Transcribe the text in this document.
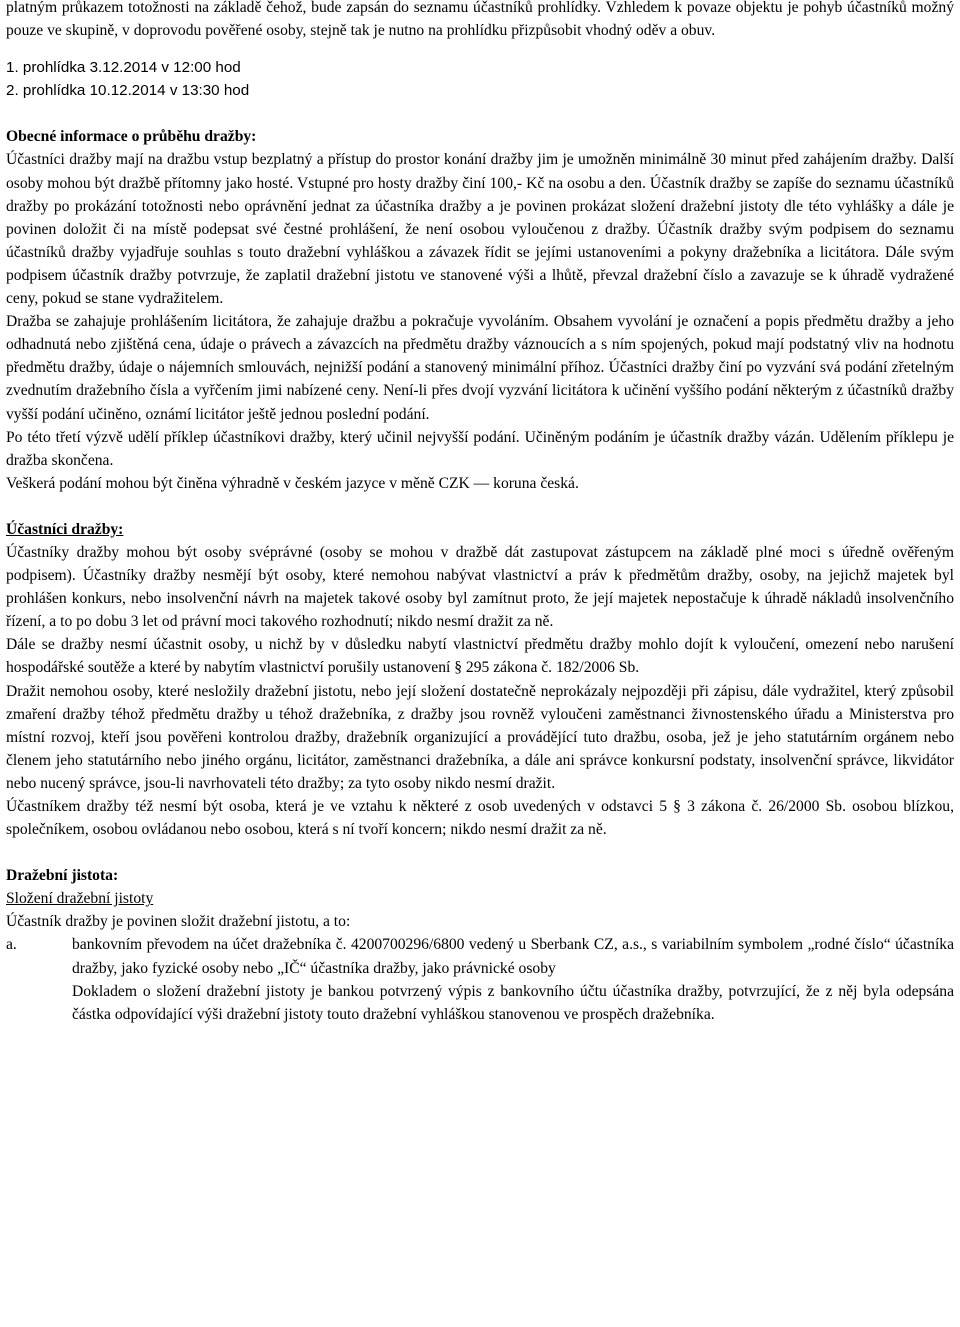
platným průkazem totožnosti na základě čehož, bude zapsán do seznamu účastníků prohlídky. Vzhledem k povaze objektu je pohyb účastníků možný pouze ve skupině, v doprovodu pověřené osoby, stejně tak je nutno na prohlídku přizpůsobit vhodný oděv a obuv.

1. prohlídka 3.12.2014 v 12:00 hod

2. prohlídka 10.12.2014 v 13:30 hod

Obecné informace o průběhu dražby:

Účastníci dražby mají na dražbu vstup bezplatný a přístup do prostor konání dražby jim je umožněn minimálně 30 minut před zahájením dražby. Další osoby mohou být dražbě přítomny jako hosté. Vstupné pro hosty dražby činí 100,- Kč na osobu a den. Účastník dražby se zapíše do seznamu účastníků dražby po prokázání totožnosti nebo oprávnění jednat za účastníka dražby a je povinen prokázat složení dražební jistoty dle této vyhlášky a dále je povinen doložit či na místě podepsat své čestné prohlášení, že není osobou vyloučenou z dražby. Účastník dražby svým podpisem do seznamu účastníků dražby vyjadřuje souhlas s touto dražební vyhláškou a závazek řídit se jejími ustanoveními a pokyny dražebníka a licitátora. Dále svým podpisem účastník dražby potvrzuje, že zaplatil dražební jistotu ve stanovené výši a lhůtě, převzal dražební číslo a zavazuje se k úhradě vydražené ceny, pokud se stane vydražitelem.

Dražba se zahajuje prohlášením licitátora, že zahajuje dražbu a pokračuje vyvoláním. Obsahem vyvolání je označení a popis předmětu dražby a jeho odhadnutá nebo zjištěná cena, údaje o právech a závazcích na předmětu dražby váznoucích a s ním spojených, pokud mají podstatný vliv na hodnotu předmětu dražby, údaje o nájemních smlouvách, nejnižší podání a stanovený minimální příhoz. Účastníci dražby činí po vyzvání svá podání zřetelným zvednutím dražebního čísla a vyřčením jimi nabízené ceny. Není-li přes dvojí vyzvání licitátora k učinění vyššího podání některým z účastníků dražby vyšší podání učiněno, oznámí licitátor ještě jednou poslední podání.

Po této třetí výzvě udělí příklep účastníkovi dražby, který učinil nejvyšší podání. Učiněným podáním je účastník dražby vázán. Udělením příklepu je dražba skončena.

Veškerá podání mohou být činěna výhradně v českém jazyce v měně CZK — koruna česká.

Účastníci dražby:

Účastníky dražby mohou být osoby svéprávné (osoby se mohou v dražbě dát zastupovat zástupcem na základě plné moci s úředně ověřeným podpisem). Účastníky dražby nesmějí být osoby, které nemohou nabývat vlastnictví a práv k předmětům dražby, osoby, na jejichž majetek byl prohlášen konkurs, nebo insolvenční návrh na majetek takové osoby byl zamítnut proto, že její majetek nepostačuje k úhradě nákladů insolvenčního řízení, a to po dobu 3 let od právní moci takového rozhodnutí; nikdo nesmí dražit za ně.

Dále se dražby nesmí účastnit osoby, u nichž by v důsledku nabytí vlastnictví předmětu dražby mohlo dojít k vyloučení, omezení nebo narušení hospodářské soutěže a které by nabytím vlastnictví porušily ustanovení § 295 zákona č. 182/2006 Sb.

Dražit nemohou osoby, které nesložily dražební jistotu, nebo její složení dostatečně neprokázaly nejpozději při zápisu, dále vydražitel, který způsobil zmaření dražby téhož předmětu dražby u téhož dražebníka, z dražby jsou rovněž vyloučeni zaměstnanci živnostenského úřadu a Ministerstva pro místní rozvoj, kteří jsou pověřeni kontrolou dražby, dražebník organizující a provádějící tuto dražbu, osoba, jež je jeho statutárním orgánem nebo členem jeho statutárního nebo jiného orgánu, licitátor, zaměstnanci dražebníka, a dále ani správce konkursní podstaty, insolvenční správce, likvidátor nebo nucený správce, jsou-li navrhovateli této dražby; za tyto osoby nikdo nesmí dražit.

Účastníkem dražby též nesmí být osoba, která je ve vztahu k některé z osob uvedených v odstavci 5 § 3 zákona č. 26/2000 Sb. osobou blízkou, společníkem, osobou ovládanou nebo osobou, která s ní tvoří koncern; nikdo nesmí dražit za ně.

Dražební jistota:

Složení dražební jistoty

Účastník dražby je povinen složit dražební jistotu, a to:

a.	bankovním převodem na účet dražebníka č. 4200700296/6800 vedený u Sberbank CZ, a.s., s variabilním symbolem „rodné číslo“ účastníka dražby, jako fyzické osoby nebo „IČ“ účastníka dražby, jako právnické osoby

Dokladem o složení dražební jistoty je bankou potvrzený výpis z bankovního účtu účastníka dražby, potvrzující, že z něj byla odepsána částka odpovídající výši dražební jistoty touto dražební vyhláškou stanovenou ve prospěch dražebníka.
